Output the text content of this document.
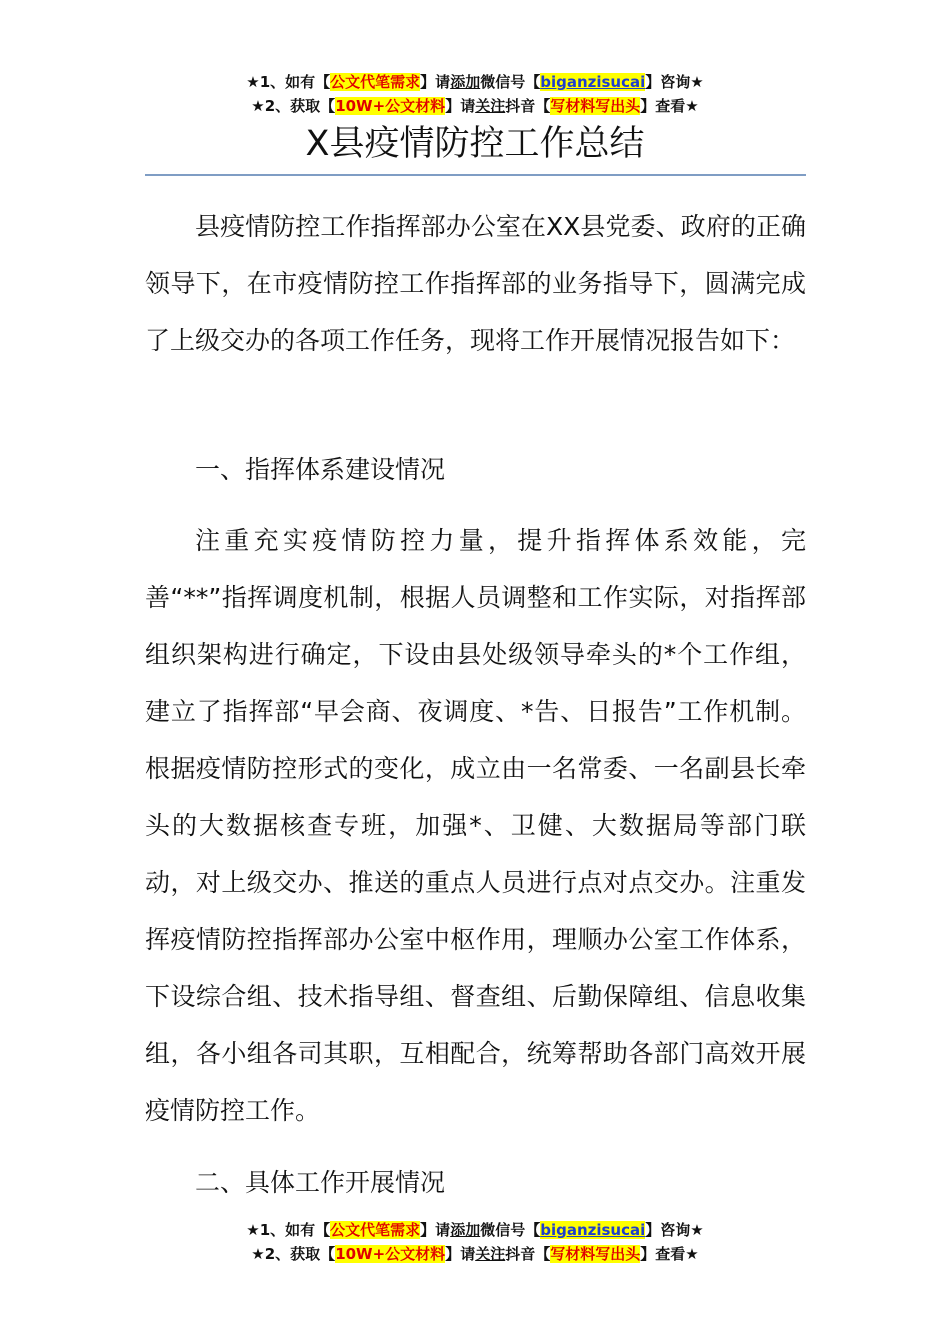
★1、如有【公文代笔需求】请添加微信号【biganzisucai】咨询★
★2、获取【10W+公文材料】请关注抖音【写材料写出头】查看★
X县疫情防控工作总结

县疫情防控工作指挥部办公室在XX县党委、政府的正确领导下，在市疫情防控工作指挥部的业务指导下，圆满完成了上级交办的各项工作任务，现将工作开展情况报告如下：

一、指挥体系建设情况

注重充实疫情防控力量，提升指挥体系效能，完善“**”指挥调度机制，根据人员调整和工作实际，对指挥部组织架构进行确定，下设由县处级领导牵头的*个工作组，建立了指挥部“早会商、夜调度、*告、日报告”工作机制。根据疫情防控形式的变化，成立由一名常委、一名副县长牵头的大数据核查专班，加强*、卫健、大数据局等部门联动，对上级交办、推送的重点人员进行点对点交办。注重发挥疫情防控指挥部办公室中枢作用，理顺办公室工作体系，下设综合组、技术指导组、督查组、后勤保障组、信息收集组，各小组各司其职，互相配合，统筹帮助各部门高效开展疫情防控工作。

二、具体工作开展情况

★1、如有【公文代笔需求】请添加微信号【biganzisucai】咨询★
★2、获取【10W+公文材料】请关注抖音【写材料写出头】查看★
